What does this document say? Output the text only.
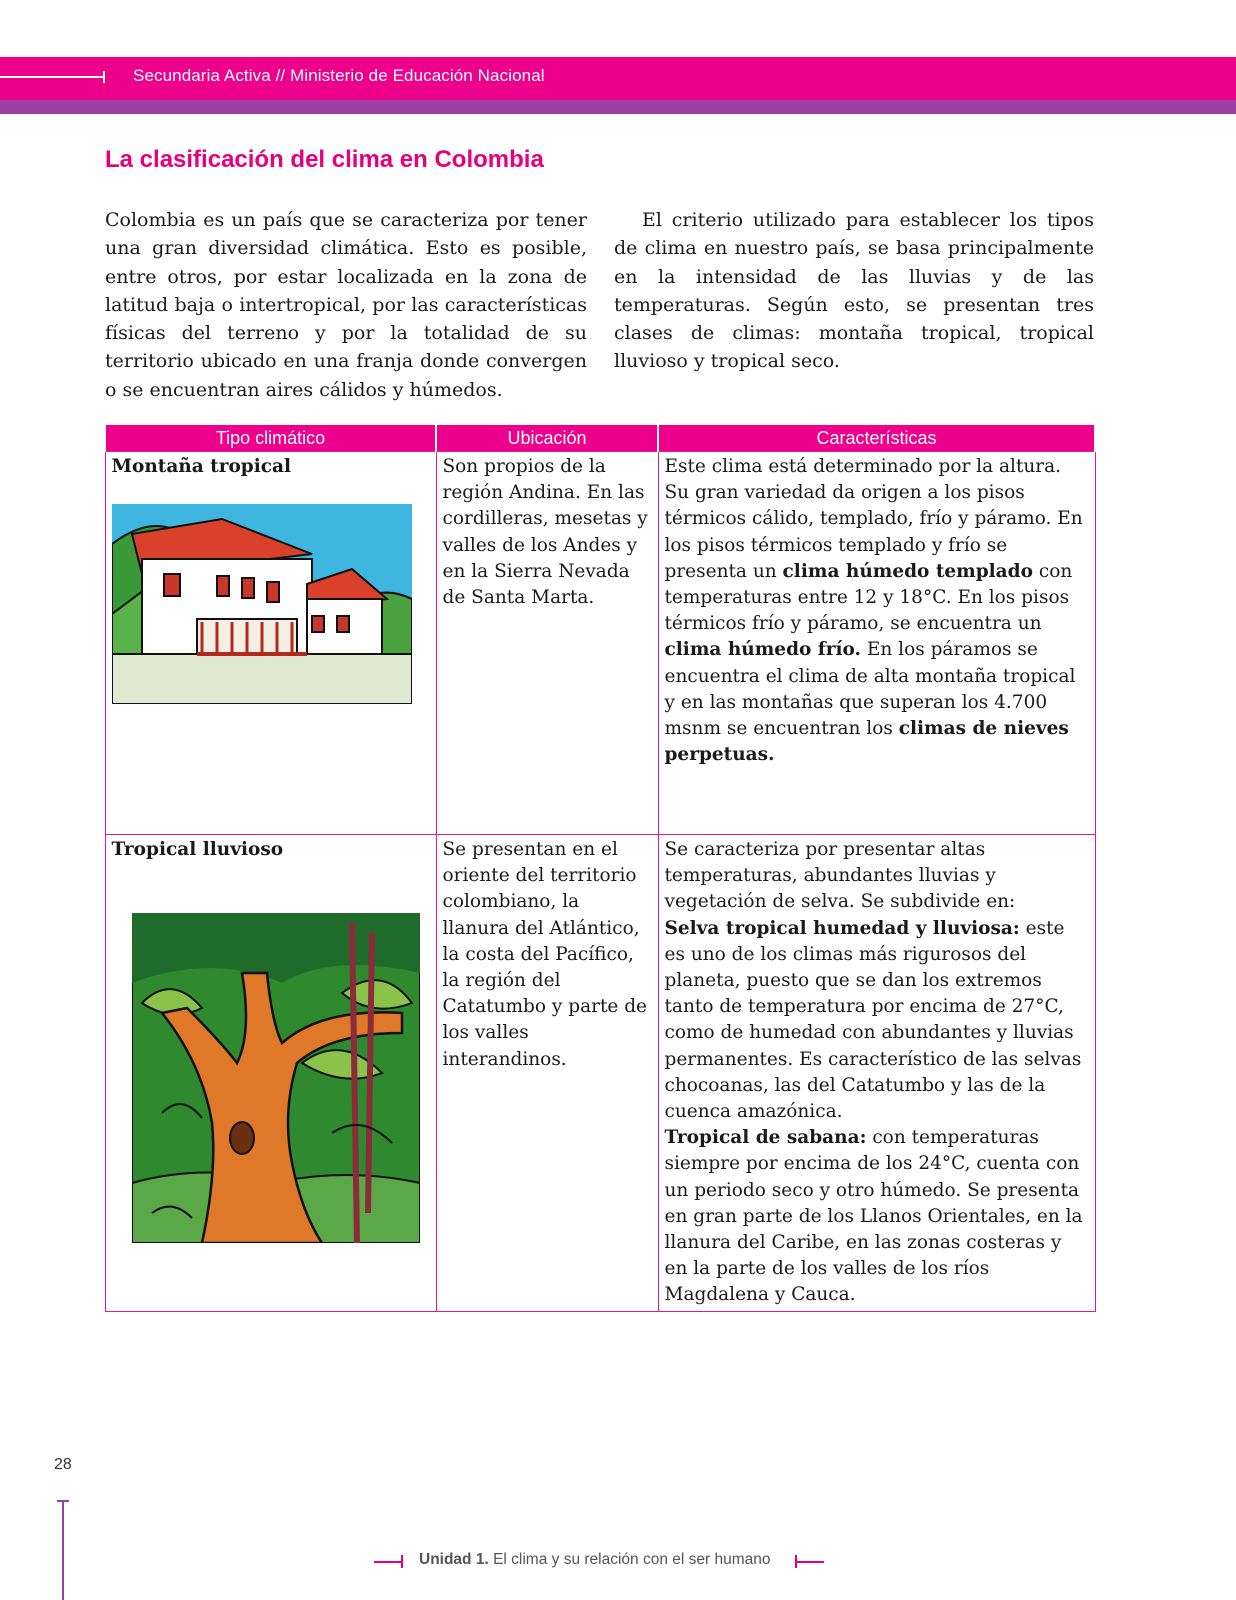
Secundaria Activa // Ministerio de Educación Nacional
La clasificación del clima en Colombia

Colombia es un país que se caracteriza por tener una gran diversidad climática. Esto es posible, entre otros, por estar localizada en la zona de latitud baja o intertropical, por las características físicas del terreno y por la totalidad de su territorio ubicado en una franja donde convergen o se encuentran aires cálidos y húmedos.

El criterio utilizado para establecer los tipos de clima en nuestro país, se basa principalmente en la intensidad de las lluvias y de las temperaturas. Según esto, se presentan tres clases de climas: montaña tropical, tropical lluvioso y tropical seco.

Tipo climático	Ubicación	Características

Montaña tropical	Son propios de la región Andina. En las cordilleras, mesetas y valles de los Andes y en la Sierra Nevada de Santa Marta.	Este clima está determinado por la altura. Su gran variedad da origen a los pisos térmicos cálido, templado, frío y páramo. En los pisos térmicos templado y frío se presenta un clima húmedo templado con temperaturas entre 12 y 18°C. En los pisos térmicos frío y páramo, se encuentra un clima húmedo frío. En los páramos se encuentra el clima de alta montaña tropical y en las montañas que superan los 4.700 msnm se encuentran los climas de nieves perpetuas.

Tropical lluvioso	Se presentan en el oriente del territorio colombiano, la llanura del Atlántico, la costa del Pacífico, la región del Catatumbo y parte de los valles interandinos.	Se caracteriza por presentar altas temperaturas, abundantes lluvias y vegetación de selva. Se subdivide en:
Selva tropical humedad y lluviosa: este es uno de los climas más rigurosos del planeta, puesto que se dan los extremos tanto de temperatura por encima de 27°C, como de humedad con abundantes y lluvias permanentes. Es característico de las selvas chocoanas, las del Catatumbo y las de la cuenca amazónica.
Tropical de sabana: con temperaturas siempre por encima de los 24°C, cuenta con un periodo seco y otro húmedo. Se presenta en gran parte de los Llanos Orientales, en la llanura del Caribe, en las zonas costeras y en la parte de los valles de los ríos Magdalena y Cauca.
28
Unidad 1. El clima y su relación con el ser humano
